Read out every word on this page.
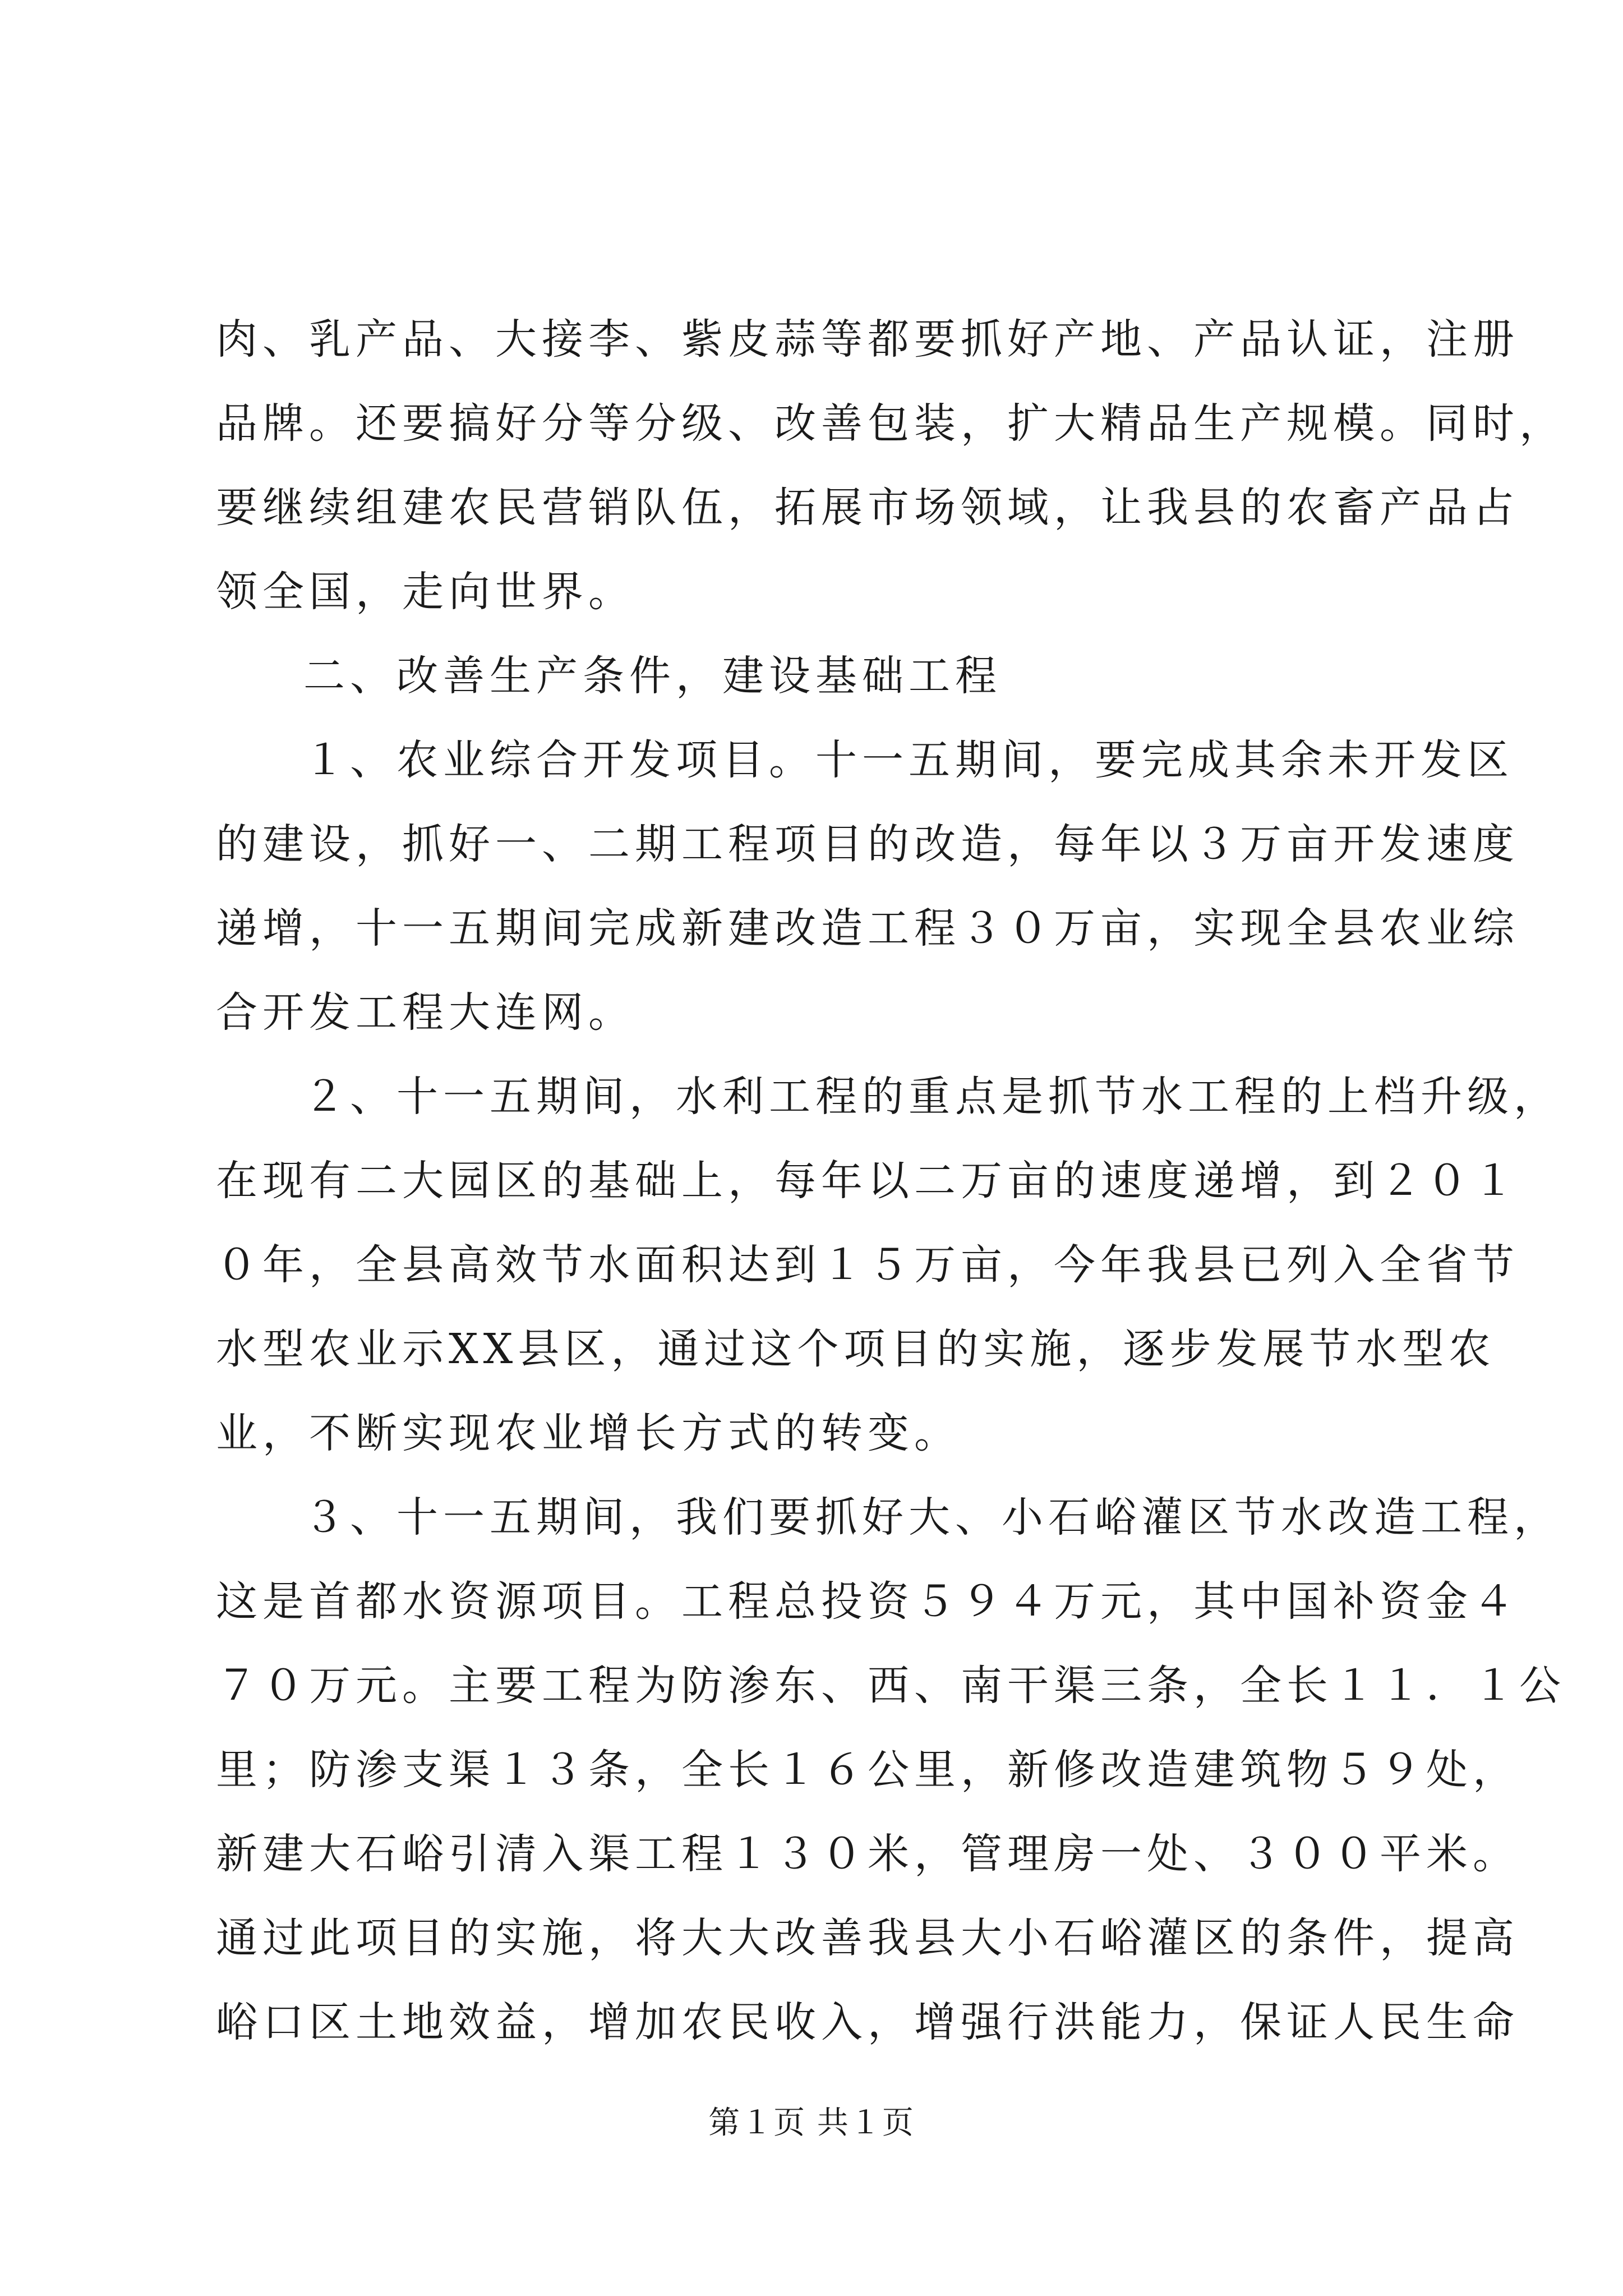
肉、乳产品、大接李、紫皮蒜等都要抓好产地、产品认证，注册
品牌。还要搞好分等分级、改善包装，扩大精品生产规模。同时，
要继续组建农民营销队伍，拓展市场领域，让我县的农畜产品占
领全国，走向世界。
二、改善生产条件，建设基础工程
１、农业综合开发项目。十一五期间，要完成其余未开发区
的建设，抓好一、二期工程项目的改造，每年以３万亩开发速度
递增，十一五期间完成新建改造工程３０万亩，实现全县农业综
合开发工程大连网。
２、十一五期间，水利工程的重点是抓节水工程的上档升级，
在现有二大园区的基础上，每年以二万亩的速度递增，到２０１
０年，全县高效节水面积达到１５万亩，今年我县已列入全省节
水型农业示XX县区，通过这个项目的实施，逐步发展节水型农
业，不断实现农业增长方式的转变。
３、十一五期间，我们要抓好大、小石峪灌区节水改造工程，
这是首都水资源项目。工程总投资５９４万元，其中国补资金４
７０万元。主要工程为防渗东、西、南干渠三条，全长１１．１公
里；防渗支渠１３条，全长１６公里，新修改造建筑物５９处，
新建大石峪引清入渠工程１３０米，管理房一处、３００平米。
通过此项目的实施，将大大改善我县大小石峪灌区的条件，提高
峪口区土地效益，增加农民收入，增强行洪能力，保证人民生命
第１页 共１页
